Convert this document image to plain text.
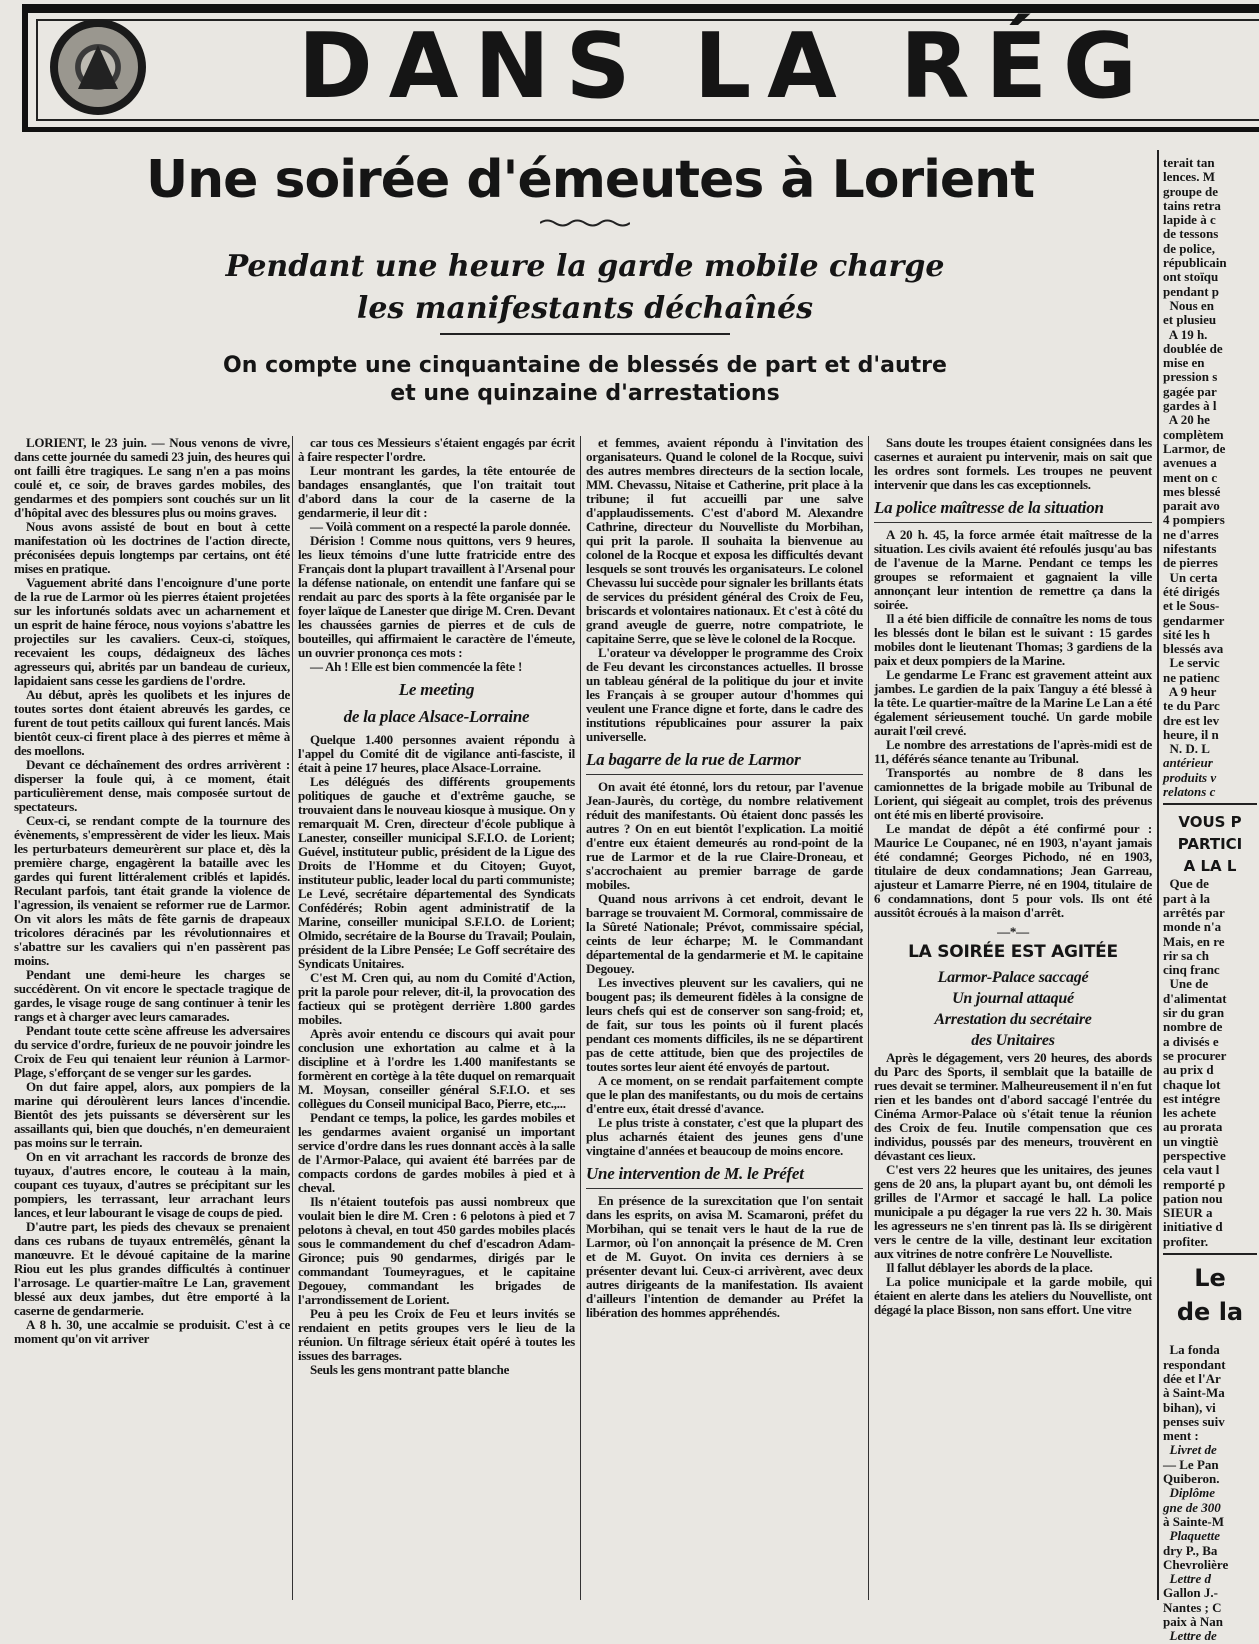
DANS LA RÉG
Une soirée d'émeutes à Lorient
Pendant une heure la garde mobile charge
les manifestants déchaînés
On compte une cinquantaine de blessés de part et d'autre
et une quinzaine d'arrestations

LORIENT, le 23 juin. — Nous venons de vivre, dans cette journée du samedi 23 juin, des heures qui ont failli être tragiques. Le sang n'en a pas moins coulé et, ce soir, de braves gardes mobiles, des gendarmes et des pompiers sont couchés sur un lit d'hôpital avec des blessures plus ou moins graves.

Nous avons assisté de bout en bout à cette manifestation où les doctrines de l'action directe, préconisées depuis longtemps par certains, ont été mises en pratique.

Vaguement abrité dans l'encoignure d'une porte de la rue de Larmor où les pierres étaient projetées sur les infortunés soldats avec un acharnement et un esprit de haine féroce, nous voyions s'abattre les projectiles sur les cavaliers. Ceux-ci, stoïques, recevaient les coups, dédaigneux des lâches agresseurs qui, abrités par un bandeau de curieux, lapidaient sans cesse les gardiens de l'ordre.

Au début, après les quolibets et les injures de toutes sortes dont étaient abreuvés les gardes, ce furent de tout petits cailloux qui furent lancés. Mais bientôt ceux-ci firent place à des pierres et même à des moellons.

Devant ce déchaînement des ordres arrivèrent : disperser la foule qui, à ce moment, était particulièrement dense, mais composée surtout de spectateurs.

Ceux-ci, se rendant compte de la tournure des évènements, s'empressèrent de vider les lieux. Mais les perturbateurs demeurèrent sur place et, dès la première charge, engagèrent la bataille avec les gardes qui furent littéralement criblés et lapidés. Reculant parfois, tant était grande la violence de l'agression, ils venaient se reformer rue de Larmor. On vit alors les mâts de fête garnis de drapeaux tricolores déracinés par les révolutionnaires et s'abattre sur les cavaliers qui n'en passèrent pas moins.

Pendant une demi-heure les charges se succédèrent. On vit encore le spectacle tragique de gardes, le visage rouge de sang continuer à tenir les rangs et à charger avec leurs camarades.

Pendant toute cette scène affreuse les adversaires du service d'ordre, furieux de ne pouvoir joindre les Croix de Feu qui tenaient leur réunion à Larmor-Plage, s'efforçant de se venger sur les gardes.

On dut faire appel, alors, aux pompiers de la marine qui déroulèrent leurs lances d'incendie. Bientôt des jets puissants se déversèrent sur les assaillants qui, bien que douchés, n'en demeuraient pas moins sur le terrain.

On en vit arrachant les raccords de bronze des tuyaux, d'autres encore, le couteau à la main, coupant ces tuyaux, d'autres se précipitant sur les pompiers, les terrassant, leur arrachant leurs lances, et leur labourant le visage de coups de pied.

D'autre part, les pieds des chevaux se prenaient dans ces rubans de tuyaux entremêlés, gênant la manœuvre. Et le dévoué capitaine de la marine Riou eut les plus grandes difficultés à continuer l'arrosage. Le quartier-maître Le Lan, gravement blessé aux deux jambes, dut être emporté à la caserne de gendarmerie.

A 8 h. 30, une accalmie se produisit. C'est à ce moment qu'on vit arriver

car tous ces Messieurs s'étaient engagés par écrit à faire respecter l'ordre.

Leur montrant les gardes, la tête entourée de bandages ensanglantés, que l'on traitait tout d'abord dans la cour de la caserne de la gendarmerie, il leur dit :

— Voilà comment on a respecté la parole donnée.

Dérision ! Comme nous quittons, vers 9 heures, les lieux témoins d'une lutte fratricide entre des Français dont la plupart travaillent à l'Arsenal pour la défense nationale, on entendit une fanfare qui se rendait au parc des sports à la fête organisée par le foyer laïque de Lanester que dirige M. Cren. Devant les chaussées garnies de pierres et de culs de bouteilles, qui affirmaient le caractère de l'émeute, un ouvrier prononça ces mots :

— Ah ! Elle est bien commencée la fête !

Le meeting
de la place Alsace-Lorraine

Quelque 1.400 personnes avaient répondu à l'appel du Comité dit de vigilance anti-fasciste, il était à peine 17 heures, place Alsace-Lorraine.

Les délégués des différents groupements politiques de gauche et d'extrême gauche, se trouvaient dans le nouveau kiosque à musique. On y remarquait M. Cren, directeur d'école publique à Lanester, conseiller municipal S.F.I.O. de Lorient; Guével, instituteur public, président de la Ligue des Droits de l'Homme et du Citoyen; Guyot, instituteur public, leader local du parti communiste; Le Levé, secrétaire départemental des Syndicats Confédérés; Robin agent administratif de la Marine, conseiller municipal S.F.I.O. de Lorient; Olmido, secrétaire de la Bourse du Travail; Poulain, président de la Libre Pensée; Le Goff secrétaire des Syndicats Unitaires.

C'est M. Cren qui, au nom du Comité d'Action, prit la parole pour relever, dit-il, la provocation des factieux qui se protègent derrière 1.800 gardes mobiles.

Après avoir entendu ce discours qui avait pour conclusion une exhortation au calme et à la discipline et à l'ordre les 1.400 manifestants se formèrent en cortège à la tête duquel on remarquait M. Moysan, conseiller général S.F.I.O. et ses collègues du Conseil municipal Baco, Pierre, etc.,...

Pendant ce temps, la police, les gardes mobiles et les gendarmes avaient organisé un important service d'ordre dans les rues donnant accès à la salle de l'Armor-Palace, qui avaient été barrées par de compacts cordons de gardes mobiles à pied et à cheval.

Ils n'étaient toutefois pas aussi nombreux que voulait bien le dire M. Cren : 6 pelotons à pied et 7 pelotons à cheval, en tout 450 gardes mobiles placés sous le commandement du chef d'escadron Adam-Gironce; puis 90 gendarmes, dirigés par le commandant Toumeyragues, et le capitaine Degouey, commandant les brigades de l'arrondissement de Lorient.

Peu à peu les Croix de Feu et leurs invités se rendaient en petits groupes vers le lieu de la réunion. Un filtrage sérieux était opéré à toutes les issues des barrages.

Seuls les gens montrant patte blanche

et femmes, avaient répondu à l'invitation des organisateurs. Quand le colonel de la Rocque, suivi des autres membres directeurs de la section locale, MM. Chevassu, Nitaise et Catherine, prit place à la tribune; il fut accueilli par une salve d'applaudissements. C'est d'abord M. Alexandre Cathrine, directeur du Nouvelliste du Morbihan, qui prit la parole. Il souhaita la bienvenue au colonel de la Rocque et exposa les difficultés devant lesquels se sont trouvés les organisateurs. Le colonel Chevassu lui succède pour signaler les brillants états de services du président général des Croix de Feu, briscards et volontaires nationaux. Et c'est à côté du grand aveugle de guerre, notre compatriote, le capitaine Serre, que se lève le colonel de la Rocque.

L'orateur va développer le programme des Croix de Feu devant les circonstances actuelles. Il brosse un tableau général de la politique du jour et invite les Français à se grouper autour d'hommes qui veulent une France digne et forte, dans le cadre des institutions républicaines pour assurer la paix universelle.

La bagarre de la rue de Larmor

On avait été étonné, lors du retour, par l'avenue Jean-Jaurès, du cortège, du nombre relativement réduit des manifestants. Où étaient donc passés les autres ? On en eut bientôt l'explication. La moitié d'entre eux étaient demeurés au rond-point de la rue de Larmor et de la rue Claire-Droneau, et s'accrochaient au premier barrage de garde mobiles.

Quand nous arrivons à cet endroit, devant le barrage se trouvaient M. Cormoral, commissaire de la Sûreté Nationale; Prévot, commissaire spécial, ceints de leur écharpe; M. le Commandant départemental de la gendarmerie et M. le capitaine Degouey.

Les invectives pleuvent sur les cavaliers, qui ne bougent pas; ils demeurent fidèles à la consigne de leurs chefs qui est de conserver son sang-froid; et, de fait, sur tous les points où il furent placés pendant ces moments difficiles, ils ne se départirent pas de cette attitude, bien que des projectiles de toutes sortes leur aient été envoyés de partout.

A ce moment, on se rendait parfaitement compte que le plan des manifestants, ou du mois de certains d'entre eux, était dressé d'avance.

Le plus triste à constater, c'est que la plupart des plus acharnés étaient des jeunes gens d'une vingtaine d'années et beaucoup de moins encore.

Une intervention de M. le Préfet

En présence de la surexcitation que l'on sentait dans les esprits, on avisa M. Scamaroni, préfet du Morbihan, qui se tenait vers le haut de la rue de Larmor, où l'on annonçait la présence de M. Cren et de M. Guyot. On invita ces derniers à se présenter devant lui. Ceux-ci arrivèrent, avec deux autres dirigeants de la manifestation. Ils avaient d'ailleurs l'intention de demander au Préfet la libération des hommes appréhendés.

Sans doute les troupes étaient consignées dans les casernes et auraient pu intervenir, mais on sait que les ordres sont formels. Les troupes ne peuvent intervenir que dans les cas exceptionnels.

La police maîtresse de la situation

A 20 h. 45, la force armée était maîtresse de la situation. Les civils avaient été refoulés jusqu'au bas de l'avenue de la Marne. Pendant ce temps les groupes se reformaient et gagnaient la ville annonçant leur intention de remettre ça dans la soirée.

Il a été bien difficile de connaître les noms de tous les blessés dont le bilan est le suivant : 15 gardes mobiles dont le lieutenant Thomas; 3 gardiens de la paix et deux pompiers de la Marine.

Le gendarme Le Franc est gravement atteint aux jambes. Le gardien de la paix Tanguy a été blessé à la tête. Le quartier-maître de la Marine Le Lan a été également sérieusement touché. Un garde mobile aurait l'œil crevé.

Le nombre des arrestations de l'après-midi est de 11, déférés séance tenante au Tribunal.

Transportés au nombre de 8 dans les camionnettes de la brigade mobile au Tribunal de Lorient, qui siégeait au complet, trois des prévenus ont été mis en liberté provisoire.

Le mandat de dépôt a été confirmé pour : Maurice Le Coupanec, né en 1903, n'ayant jamais été condamné; Georges Pichodo, né en 1903, titulaire de deux condamnations; Jean Garreau, ajusteur et Lamarre Pierre, né en 1904, titulaire de 6 condamnations, dont 5 pour vols. Ils ont été aussitôt écroués à la maison d'arrêt.

—*—
LA SOIRÉE EST AGITÉE
Larmor-Palace saccagé
Un journal attaqué
Arrestation du secrétaire
des Unitaires

Après le dégagement, vers 20 heures, des abords du Parc des Sports, il semblait que la bataille de rues devait se terminer. Malheureusement il n'en fut rien et les bandes ont d'abord saccagé l'entrée du Cinéma Armor-Palace où s'était tenue la réunion des Croix de feu. Inutile compensation que ces individus, poussés par des meneurs, trouvèrent en dévastant ces lieux.

C'est vers 22 heures que les unitaires, des jeunes gens de 20 ans, la plupart ayant bu, ont démoli les grilles de l'Armor et saccagé le hall. La police municipale a pu dégager la rue vers 22 h. 30. Mais les agresseurs ne s'en tinrent pas là. Ils se dirigèrent vers le centre de la ville, destinant leur excitation aux vitrines de notre confrère Le Nouvelliste.

Il fallut déblayer les abords de la place.

La police municipale et la garde mobile, qui étaient en alerte dans les ateliers du Nouvelliste, ont dégagé la place Bisson, non sans effort. Une vitre

terait tan
lences. M
groupe de
tains retra
lapide à c
de tessons
de police,
républicain
ont stoïqu
pendant p
Nous en
et plusieu
A 19 h.
doublée de
mise en
pression s
gagée par
gardes à l
A 20 he
complètem
Larmor, de
avenues a
ment on c
mes blessé
parait avo
4 pompiers
ne d'arres
nifestants
de pierres
Un certa
été dirigés
et le Sous-
gendarmer
sité les h
blessés ava
Le servic
ne patienc
A 9 heur
te du Parc
dre est lev
heure, il n
N. D. L
antérieur
produits v
relatons c
VOUS P
PARTICI
A LA L
Que de
part à la
arrêtés par
monde n'a
Mais, en re
rir sa ch
cinq franc
Une de
d'alimentat
sir du gran
nombre de
a divisés e
se procurer
au prix d
chaque lot
est intégre
les achete
au prorata
un vingtiè
perspective
cela vaut l
remporté p
pation nou
SIEUR a
initiative d
profiter.
Le
de la

La fonda
respondant
dée et l'Ar
à Saint-Ma
bihan), vi
penses suiv
ment :
Livret de
— Le Pan
Quiberon.
Diplôme
gne de 300
à Sainte-M
Plaquette
dry P., Ba
Chevrolière
Lettre d
Gallon J.-
Nantes ; C
paix à Nan
Lettre de
